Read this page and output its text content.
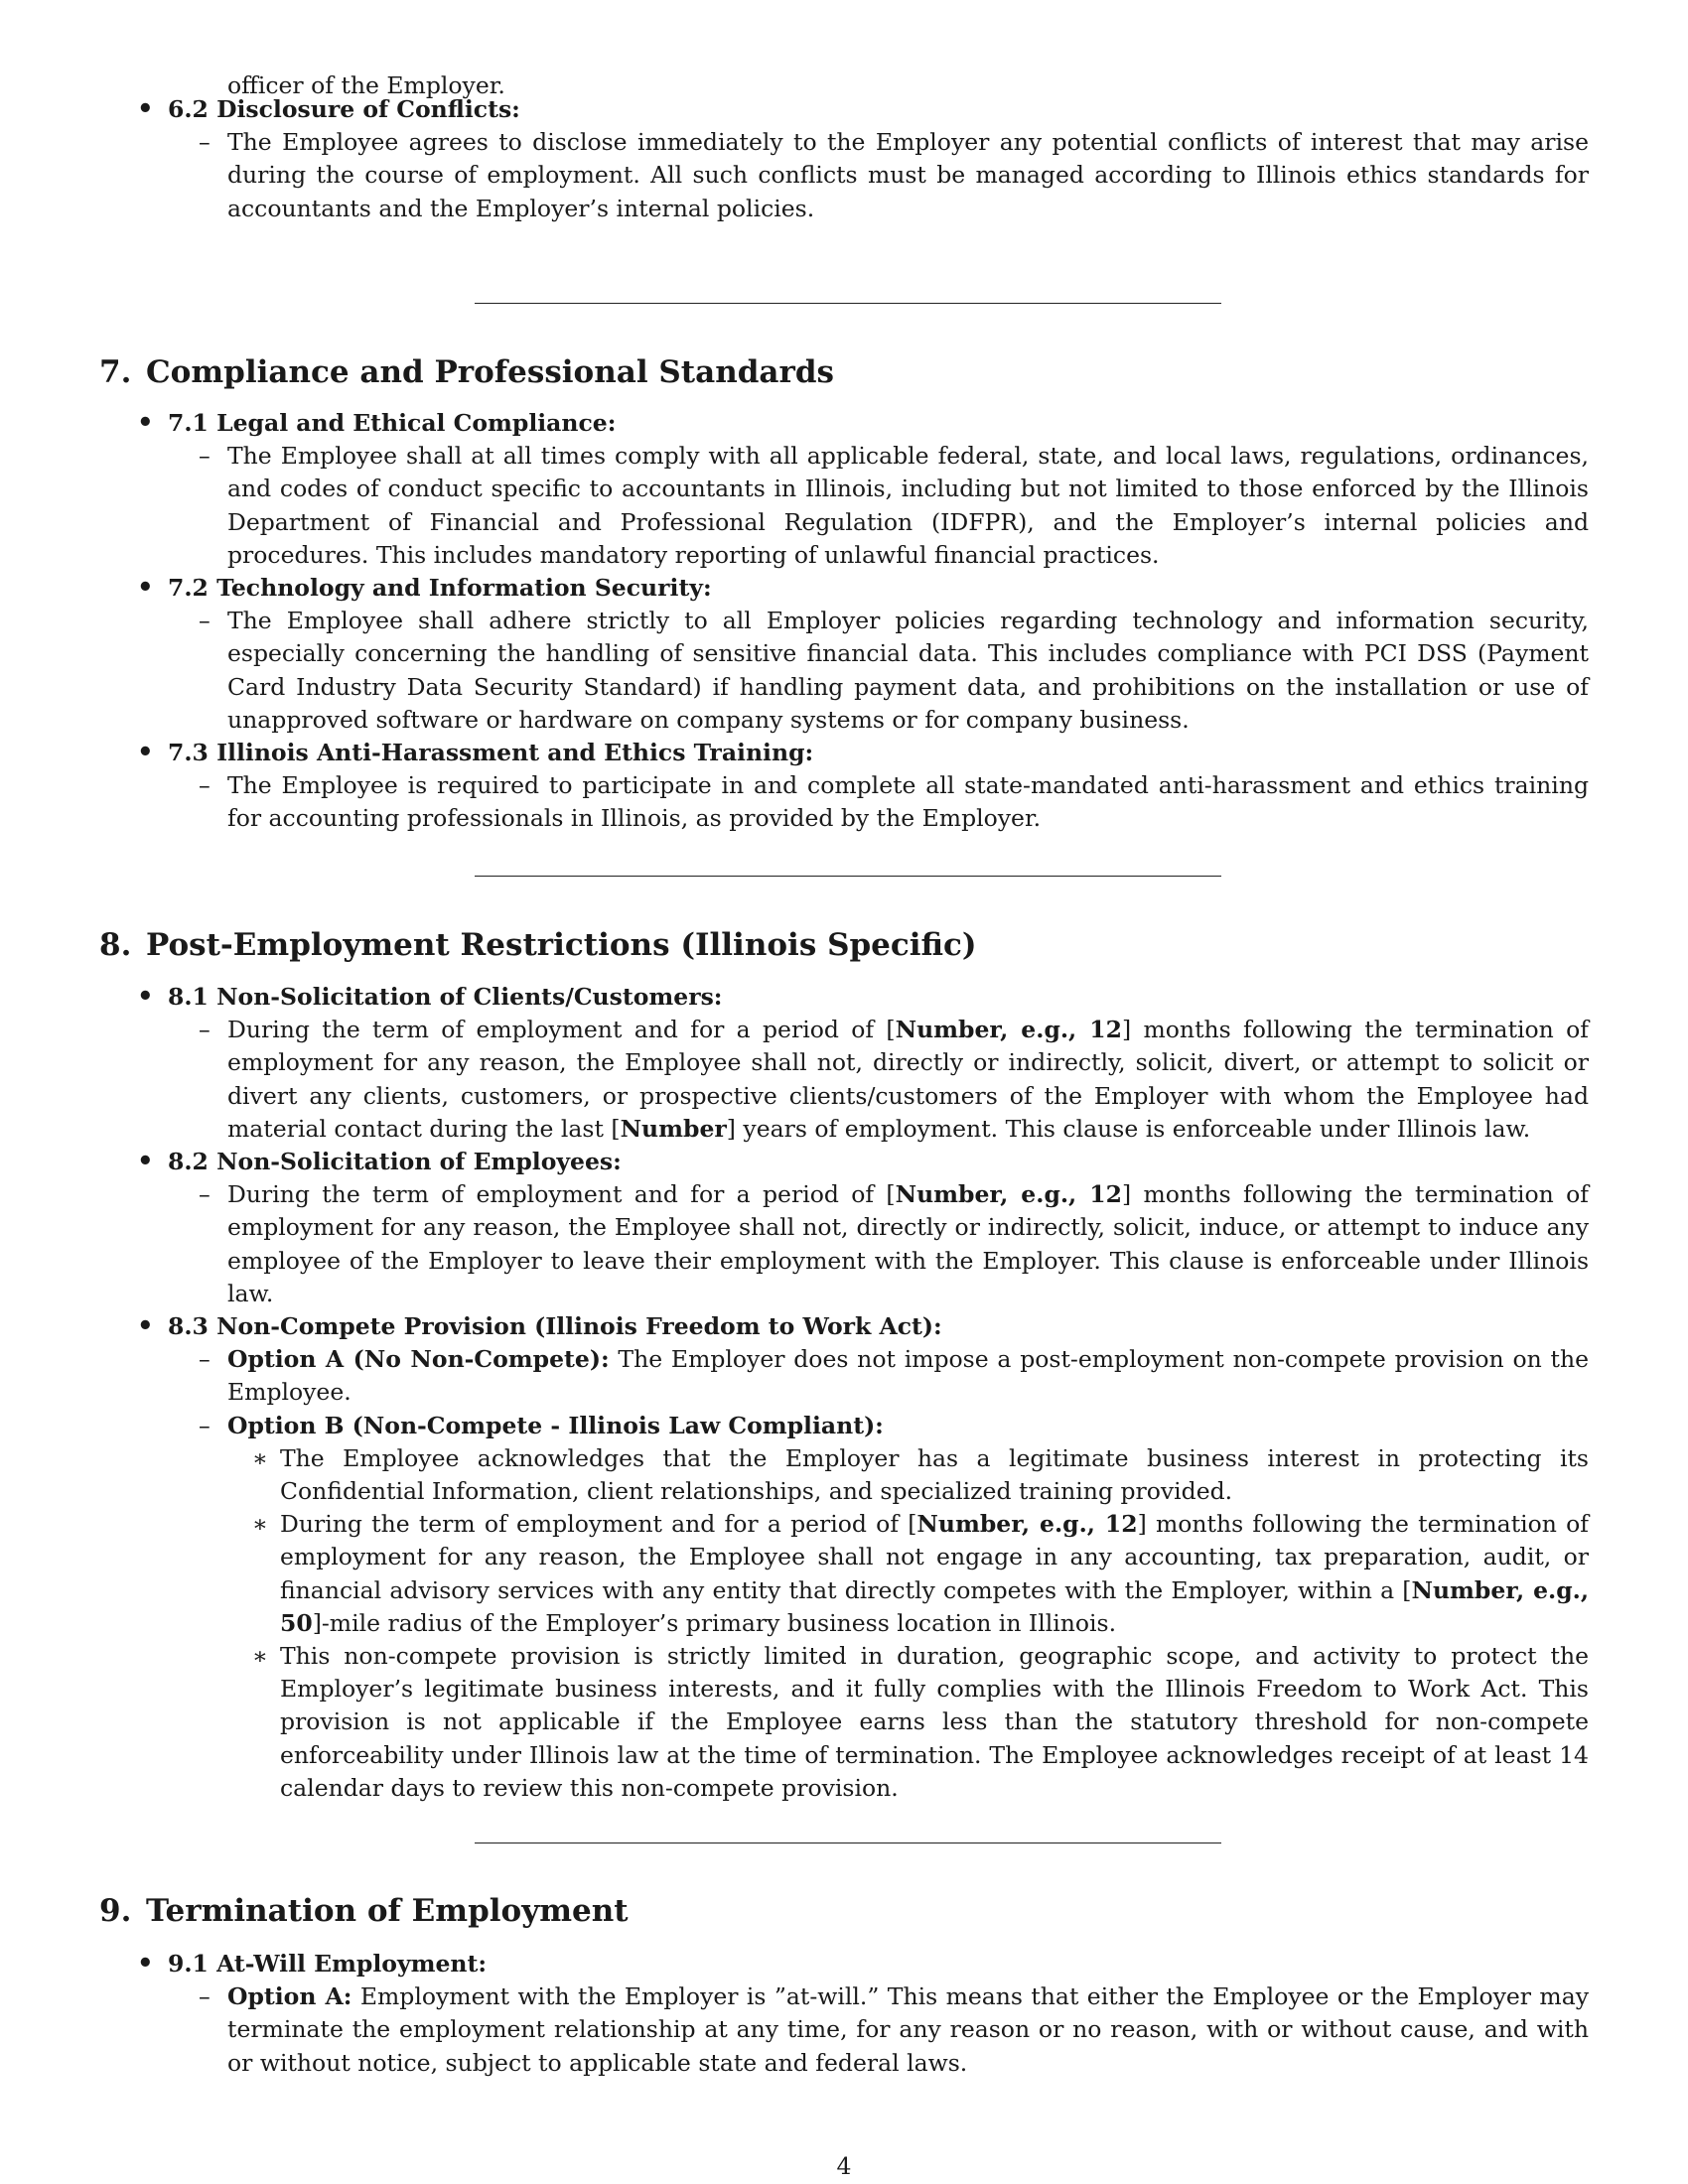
officer of the Employer.
• 6.2 Disclosure of Conflicts:
– The Employee agrees to disclose immediately to the Employer any potential conflicts of interest that may arise during the course of employment. All such conflicts must be managed according to Illinois ethics standards for accountants and the Employer’s internal policies.
7. Compliance and Professional Standards
• 7.1 Legal and Ethical Compliance:
– The Employee shall at all times comply with all applicable federal, state, and local laws, regulations, ordinances, and codes of conduct specific to accountants in Illinois, including but not limited to those enforced by the Illinois Department of Financial and Professional Regulation (IDFPR), and the Employer’s internal policies and procedures. This includes mandatory reporting of unlawful financial practices.
• 7.2 Technology and Information Security:
– The Employee shall adhere strictly to all Employer policies regarding technology and information security, especially concerning the handling of sensitive financial data. This includes compliance with PCI DSS (Payment Card Industry Data Security Standard) if handling payment data, and prohibitions on the installation or use of unapproved software or hardware on company systems or for company business.
• 7.3 Illinois Anti-Harassment and Ethics Training:
– The Employee is required to participate in and complete all state-mandated anti-harassment and ethics training for accounting professionals in Illinois, as provided by the Employer.
8. Post-Employment Restrictions (Illinois Specific)
• 8.1 Non-Solicitation of Clients/Customers:
– During the term of employment and for a period of [Number, e.g., 12] months following the termination of employment for any reason, the Employee shall not, directly or indirectly, solicit, divert, or attempt to solicit or divert any clients, customers, or prospective clients/customers of the Employer with whom the Employee had material contact during the last [Number] years of employment. This clause is enforceable under Illinois law.
• 8.2 Non-Solicitation of Employees:
– During the term of employment and for a period of [Number, e.g., 12] months following the termination of employment for any reason, the Employee shall not, directly or indirectly, solicit, induce, or attempt to induce any employee of the Employer to leave their employment with the Employer. This clause is enforceable under Illinois law.
• 8.3 Non-Compete Provision (Illinois Freedom to Work Act):
– Option A (No Non-Compete): The Employer does not impose a post-employment non-compete provision on the Employee.
– Option B (Non-Compete - Illinois Law Compliant):
∗ The Employee acknowledges that the Employer has a legitimate business interest in protecting its Confidential Information, client relationships, and specialized training provided.
∗ During the term of employment and for a period of [Number, e.g., 12] months following the termination of employment for any reason, the Employee shall not engage in any accounting, tax preparation, audit, or financial advisory services with any entity that directly competes with the Employer, within a [Number, e.g., 50]-mile radius of the Employer’s primary business location in Illinois.
∗ This non-compete provision is strictly limited in duration, geographic scope, and activity to protect the Employer’s legitimate business interests, and it fully complies with the Illinois Freedom to Work Act. This provision is not applicable if the Employee earns less than the statutory threshold for non-compete enforceability under Illinois law at the time of termination. The Employee acknowledges receipt of at least 14 calendar days to review this non-compete provision.
9. Termination of Employment
• 9.1 At-Will Employment:
– Option A: Employment with the Employer is ”at-will.” This means that either the Employee or the Employer may terminate the employment relationship at any time, for any reason or no reason, with or without cause, and with or without notice, subject to applicable state and federal laws.
4
